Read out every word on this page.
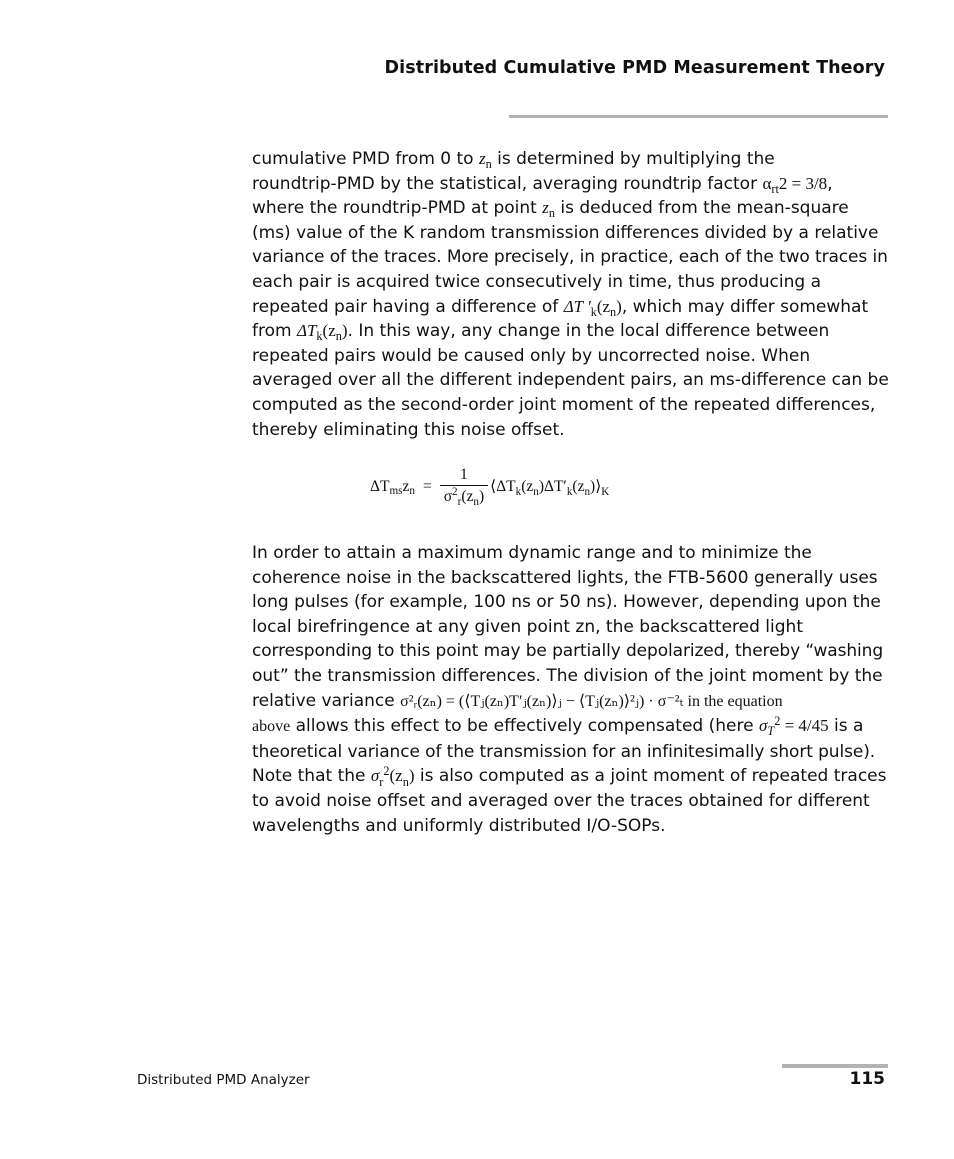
Distributed Cumulative PMD Measurement Theory
cumulative PMD from 0 to $z_n$ is determined by multiplying the
roundtrip-PMD by the statistical, averaging roundtrip factor $\alpha_{rt}2 = 3/8$,
where the roundtrip-PMD at point $z_n$ is deduced from the mean-square
(ms) value of the K random transmission differences divided by a relative
variance of the traces. More precisely, in practice, each of the two traces in
each pair is acquired twice consecutively in time, thus producing a
repeated pair having a difference of ΔT '$_k(z_n)$, which may differ somewhat
from $\Delta T_k(z_n)$. In this way, any change in the local difference between
repeated pairs would be caused only by uncorrected noise. When
averaged over all the different independent pairs, an ms-difference can be
computed as the second-order joint moment of the repeated differences,
thereby eliminating this noise offset.
$\Delta T_{ms}z_n = \frac{1}{\sigma^2_r(z_n)}$ $⟨\Delta T_k(z_n)\Delta T'_k(z_n)⟩_K$
In order to attain a maximum dynamic range and to minimize the
coherence noise in the backscattered lights, the FTB-5600 generally uses
long pulses (for example, 100 ns or 50 ns). However, depending upon the
local birefringence at any given point zn, the backscattered light
corresponding to this point may be partially depolarized, thereby “washing
out” the transmission differences. The division of the joint moment by the
relative variance σ²ᵣ(zₙ) = (⟨Tⱼ(zₙ)T′ⱼ(zₙ)⟩ⱼ − ⟨Tⱼ(zₙ)⟩²ⱼ) · σ⁻²ₜ in the equation
above allows this effect to be effectively compensated (here $\sigma_T^2 = 4/45$ is a
theoretical variance of the transmission for an infinitesimally short pulse).
Note that the $\sigma_r^2(z_n)$ is also computed as a joint moment of repeated traces
to avoid noise offset and averaged over the traces obtained for different
wavelengths and uniformly distributed I/O-SOPs.
Distributed PMD Analyzer	115
